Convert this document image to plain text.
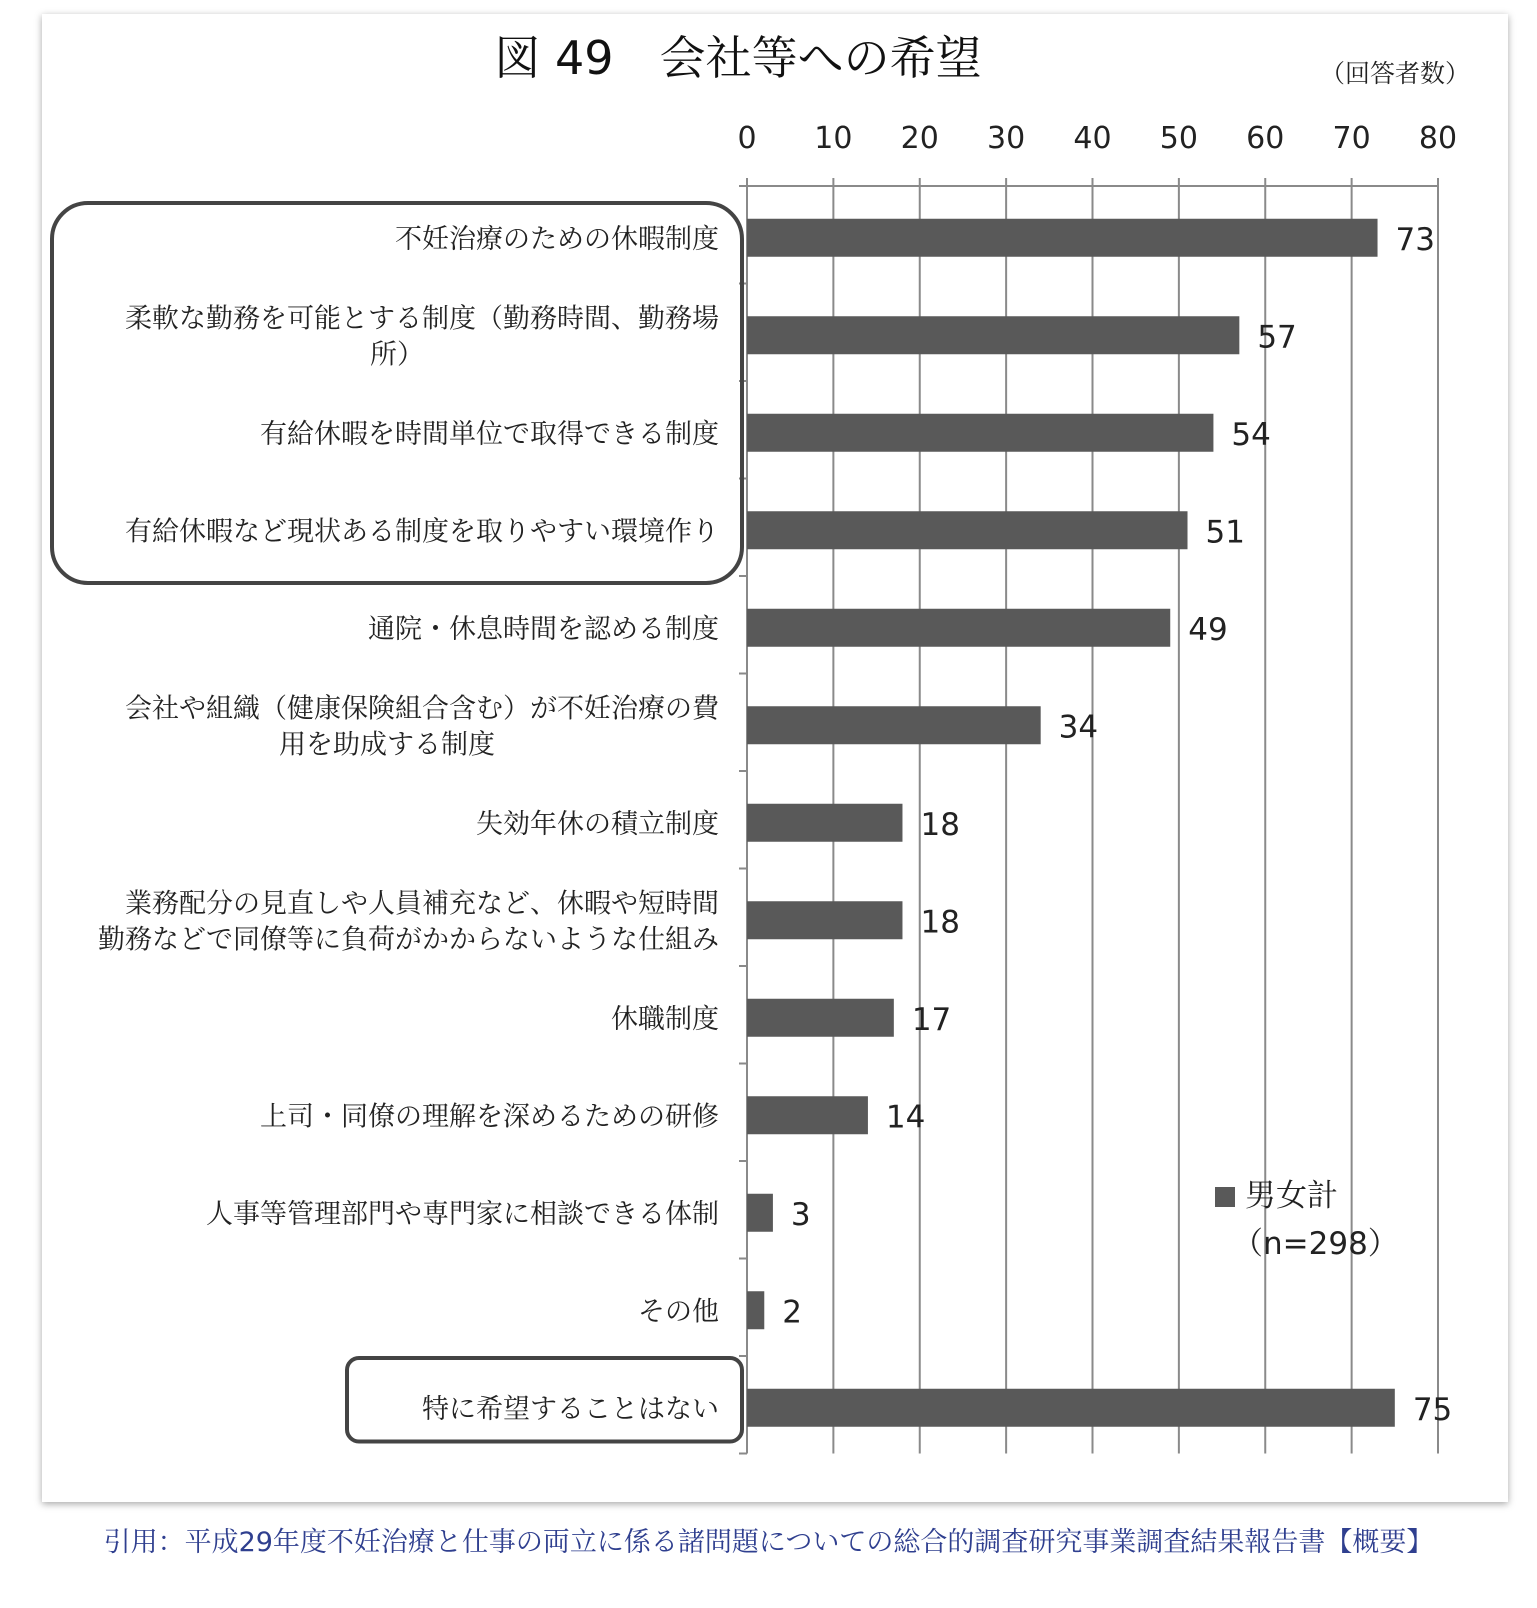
図 49　会社等への希望	（回答者数）
0 10 20 30 40 50 60 70 80
73
不妊治療のための休暇制度
57
柔軟な勤務を可能とする制度（勤務時間、勤務場
所）
54
有給休暇を時間単位で取得できる制度
51
有給休暇など現状ある制度を取りやすい環境作り
49
通院・休息時間を認める制度
34
会社や組織（健康保険組合含む）が不妊治療の費
用を助成する制度
18
失効年休の積立制度
18
業務配分の見直しや人員補充など、休暇や短時間
勤務などで同僚等に負荷がかからないような仕組み
17
休職制度
14
上司・同僚の理解を深めるための研修
3
人事等管理部門や専門家に相談できる体制
2
その他
75
特に希望することはない
男女計
（n=298）
引用：平成29年度不妊治療と仕事の両立に係る諸問題についての総合的調査研究事業調査結果報告書【概要】
